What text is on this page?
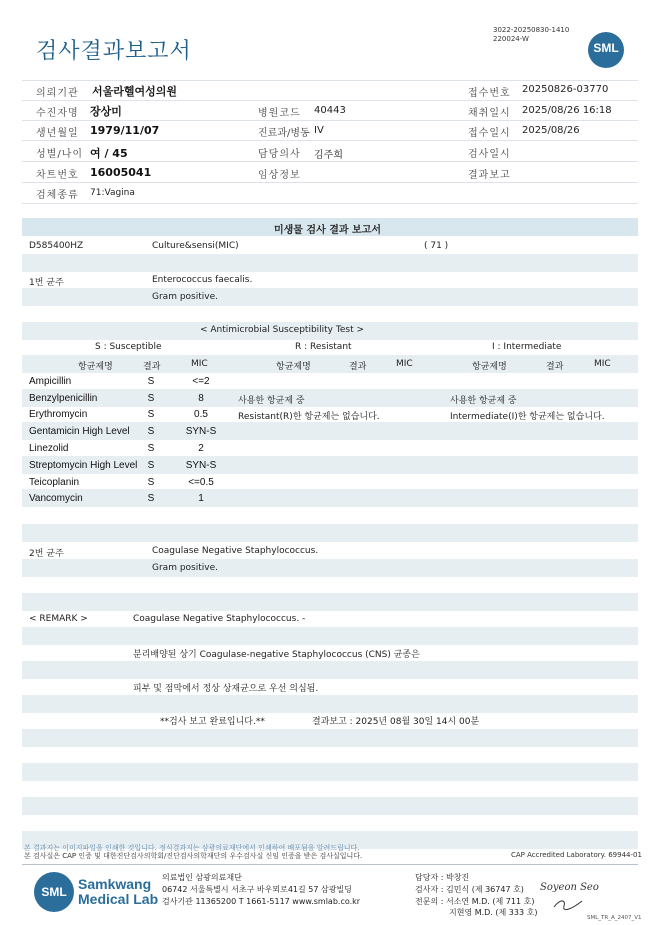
검사결과보고서
3022-20250830-1410
220024-W
SML
의뢰기관 서울라헬여성의원	접수번호 20250826-03770
수진자명 장상미	병원코드 40443	채취일시 2025/08/26 16:18
생년월일 1979/11/07	진료과/병동 IV	접수일시 2025/08/26
성별/나이 여 / 45	담당의사 김주희	검사일시
차트번호 16005041	임상정보	결과보고
검체종류 71:Vagina
미생물 검사 결과 보고서
D585400HZ	Culture&sensi(MIC)	( 71 )
1번 균주	Enterococcus faecalis.
Gram positive.
< Antimicrobial Susceptibility Test >
S : Susceptible	R : Resistant	I : Intermediate
항균제명	결과	MIC	항균제명	결과	MIC	항균제명	결과	MIC
Ampicillin	S	<=2
Benzylpenicillin	S	8	사용한 항균제 중	사용한 항균제 중
Erythromycin	S	0.5	Resistant(R)한 항균제는 없습니다.	Intermediate(I)한 항균제는 없습니다.
Gentamicin High Level	S	SYN-S
Linezolid	S	2
Streptomycin High Level	S	SYN-S
Teicoplanin	S	<=0.5
Vancomycin	S	1
2번 균주	Coagulase Negative Staphylococcus.
Gram positive.
< REMARK >	Coagulase Negative Staphylococcus. -
분리배양된 상기 Coagulase-negative Staphylococcus (CNS) 균종은
피부 및 점막에서 정상 상재균으로 우선 의심됨.
**검사 보고 완료입니다.**	결과보고 : 2025년 08월 30일 14시 00분
본 결과지는 이미지파일을 인쇄한 것입니다. 정식결과지는 삼광의료재단에서 인쇄하여 배포됨을 알려드립니다.
본 검사실은 CAP 인증 및 대한진단검사의학회/진단검사의학재단의 우수검사실 신임 인증을 받은 검사실입니다.	CAP Accredited Laboratory. 69944-01
SML Samkwang
Medical Lab
의료법인 삼광의료재단
06742 서울특별시 서초구 바우뫼로41길 57 삼광빌딩
검사기관 11365200 T 1661-5117 www.smlab.co.kr
담당자 : 박창진
검사자 : 김민식 (제 36747 호)
전문의 : 서소연 M.D. (제 711 호)
지현영 M.D. (제 333 호)
Soyeon Seo
SML_TR_A_2407_V1
